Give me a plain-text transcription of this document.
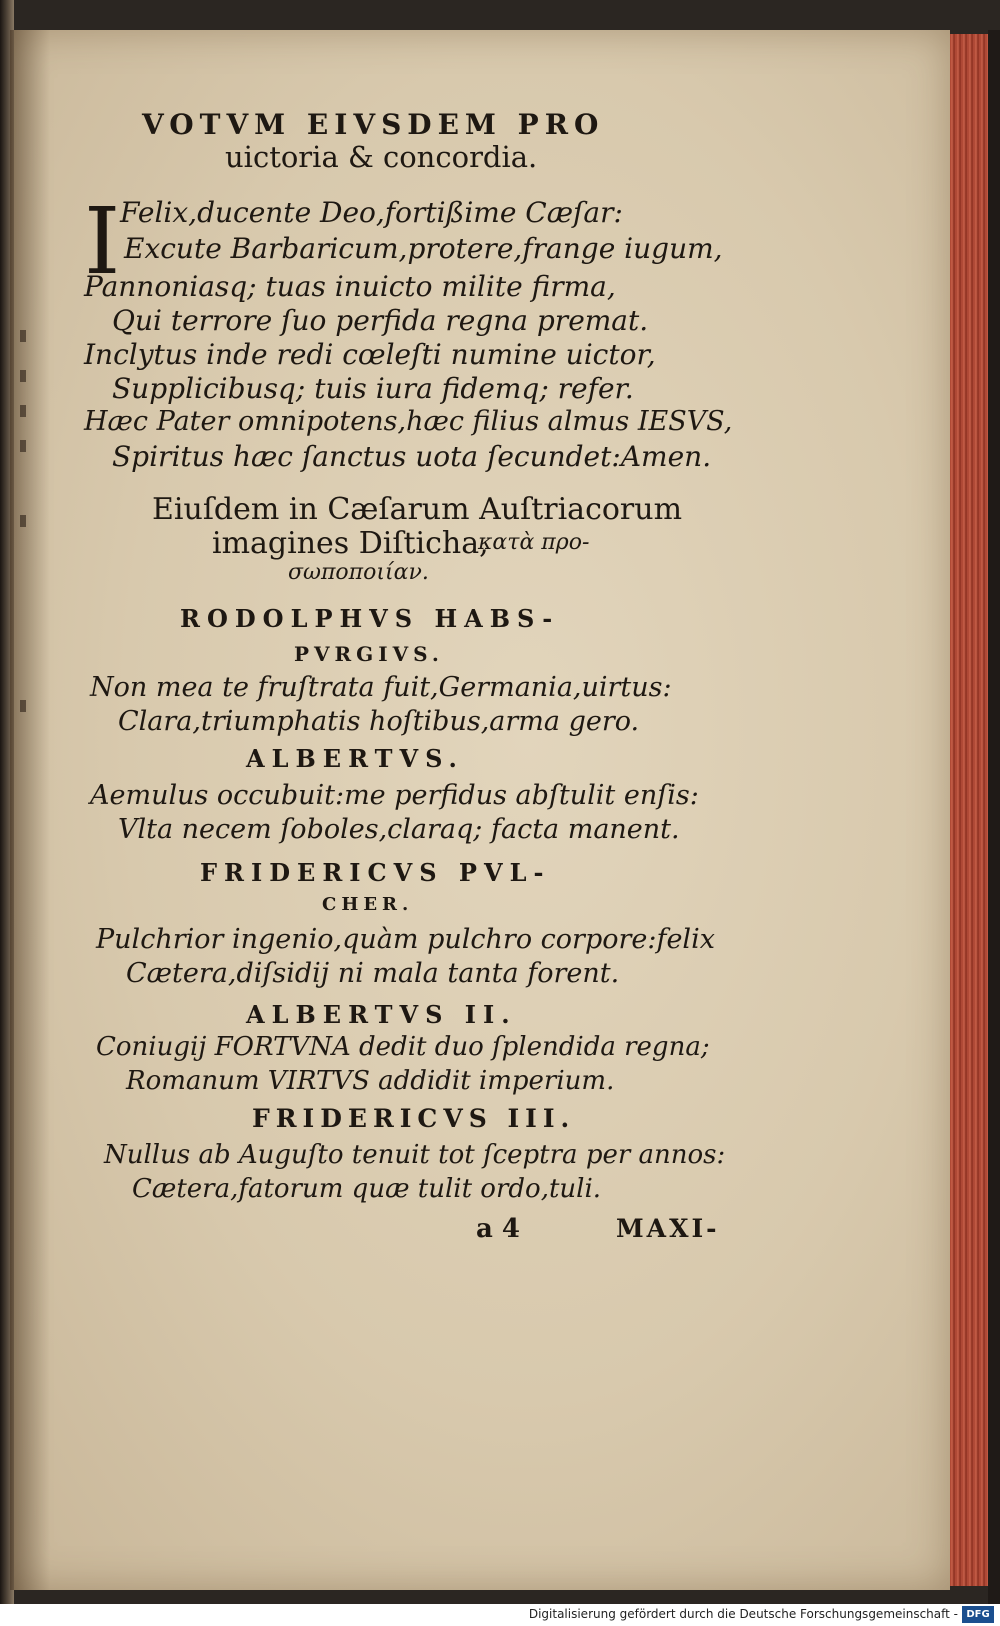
VOTVM EIVSDEM PRO
uictoria & concordia.
I Felix,ducente Deo,fortißime Cæſar:
Excute Barbaricum,protere,frange iugum,
Pannoniasq; tuas inuicto milite firma,
Qui terrore ſuo perfida regna premat.
Inclytus inde redi cœleſti numine uictor,
Supplicibusq; tuis iura fidemq; refer.
Hæc Pater omnipotens,hæc filius almus IESVS,
Spiritus hæc ſanctus uota ſecundet:Amen.
Eiuſdem in Cæſarum Auſtriacorum
imagines Diſticha,
κατὰ προ-
σωποποιίαν.
RODOLPHVS HABS-
PVRGIVS.
Non mea te fruſtrata fuit,Germania,uirtus:
Clara,triumphatis hoſtibus,arma gero.
ALBERTVS.
Aemulus occubuit:me perfidus abſtulit enſis:
Vlta necem ſoboles,claraq; facta manent.
FRIDERICVS PVL-
CHER.
Pulchrior ingenio,quàm pulchro corpore:felix
Cætera,diſsidij ni mala tanta forent.
ALBERTVS II.
Coniugij FORTVNA dedit duo ſplendida regna;
Romanum VIRTVS addidit imperium.
FRIDERICVS III.
Nullus ab Auguſto tenuit tot ſceptra per annos:
Cætera,fatorum quæ tulit ordo,tuli.
a 4	MAXI-
Digitalisierung gefördert durch die Deutsche Forschungsgemeinschaft - DFG
